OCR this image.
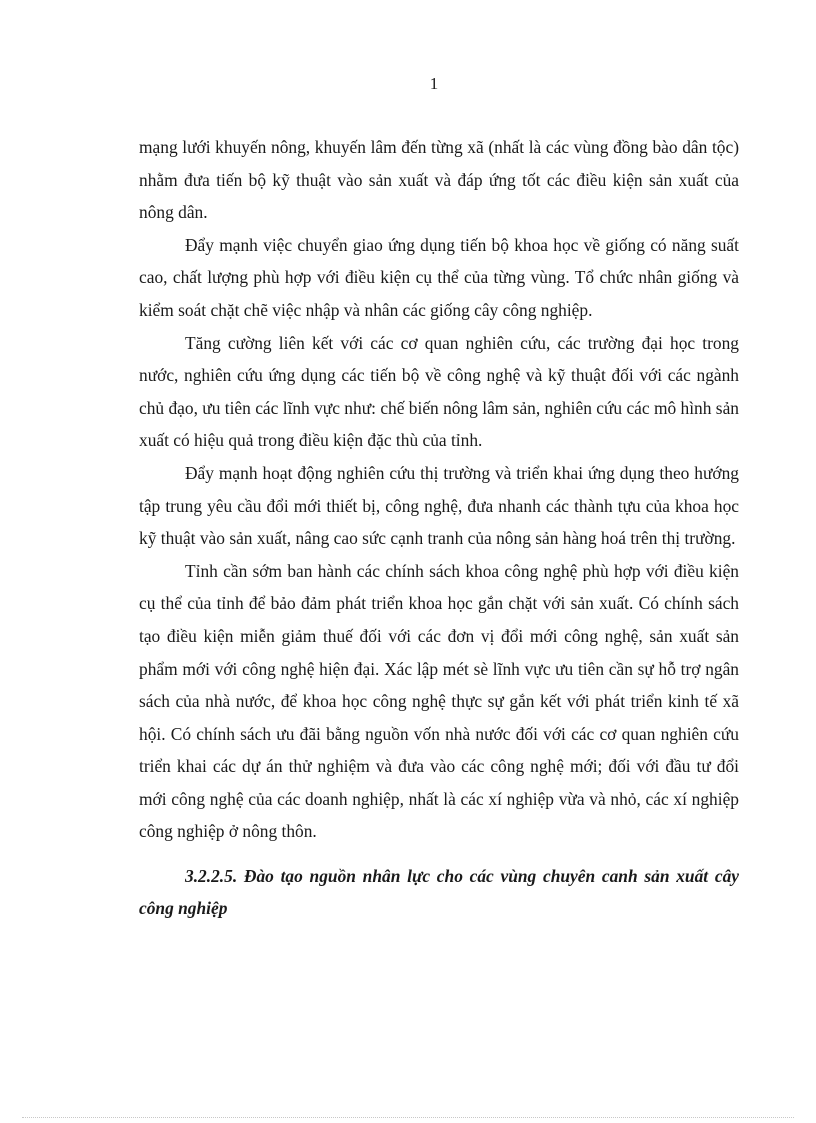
1

mạng lưới khuyến nông, khuyến lâm đến từng xã (nhất là các vùng đồng bào dân tộc) nhằm đưa tiến bộ kỹ thuật vào sản xuất và đáp ứng tốt các điều kiện sản xuất của nông dân.

Đẩy mạnh việc chuyển giao ứng dụng tiến bộ khoa học về giống có năng suất cao, chất lượng phù hợp với điều kiện cụ thể của từng vùng. Tổ chức nhân giống và kiểm soát chặt chẽ việc nhập và nhân các giống cây công nghiệp.

Tăng cường liên kết với các cơ quan nghiên cứu, các trường đại học trong nước, nghiên cứu ứng dụng các tiến bộ về công nghệ và kỹ thuật đối với các ngành chủ đạo, ưu tiên các lĩnh vực như: chế biến nông lâm sản, nghiên cứu các mô hình sản xuất có hiệu quả trong điều kiện đặc thù của tỉnh.

Đẩy mạnh hoạt động nghiên cứu thị trường và triển khai ứng dụng theo hướng tập trung yêu cầu đổi mới thiết bị, công nghệ, đưa nhanh các thành tựu của khoa học kỹ thuật vào sản xuất, nâng cao sức cạnh tranh của nông sản hàng hoá trên thị trường.

Tỉnh cần sớm ban hành các chính sách khoa công nghệ phù hợp với điều kiện cụ thể của tỉnh để bảo đảm phát triển khoa học gắn chặt với sản xuất. Có chính sách tạo điều kiện miễn giảm thuế đối với các đơn vị đổi mới công nghệ, sản xuất sản phẩm mới với công nghệ hiện đại. Xác lập mét sè lĩnh vực ưu tiên cần sự hỗ trợ ngân sách của nhà nước, để khoa học công nghệ thực sự gắn kết với phát triển kinh tế xã hội. Có chính sách ưu đãi bằng nguồn vốn nhà nước đối với các cơ quan nghiên cứu triển khai các dự án thử nghiệm và đưa vào các công nghệ mới; đối với đầu tư đổi mới công nghệ của các doanh nghiệp, nhất là các xí nghiệp vừa và nhỏ, các xí nghiệp công nghiệp ở nông thôn.

3.2.2.5. Đào tạo nguồn nhân lực cho các vùng chuyên canh sản xuất cây công nghiệp
